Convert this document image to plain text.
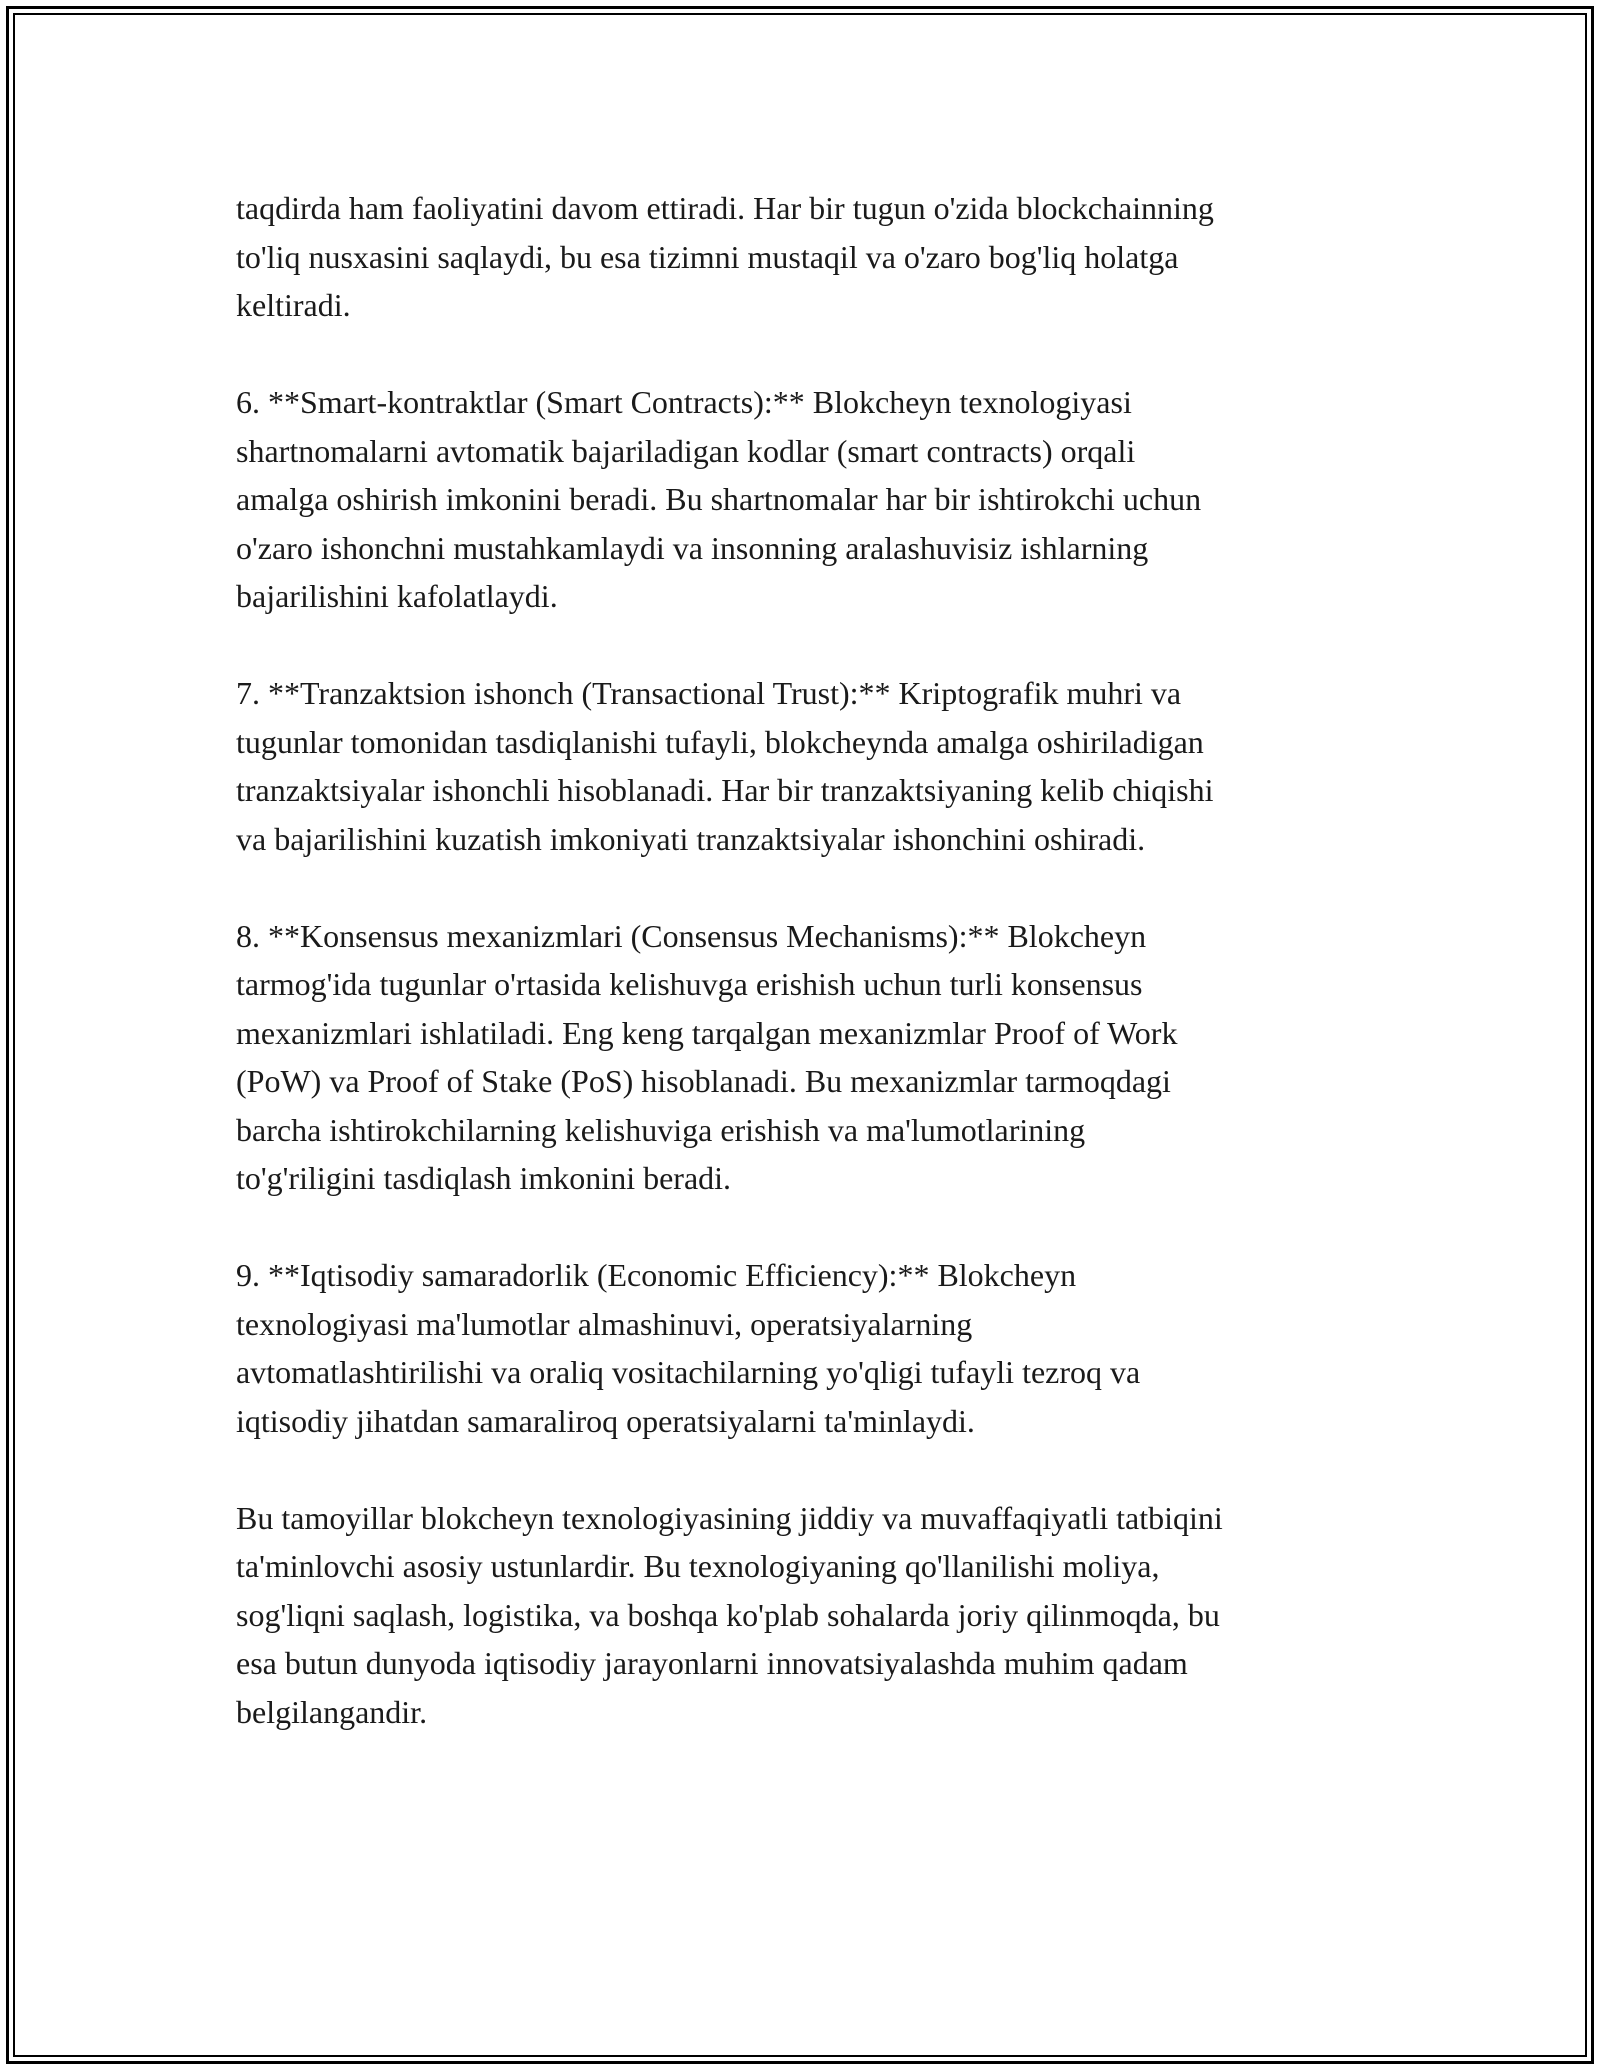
taqdirda ham faoliyatini davom ettiradi. Har bir tugun o'zida blockchainning
to'liq nusxasini saqlaydi, bu esa tizimni mustaqil va o'zaro bog'liq holatga
keltiradi.

6. **Smart-kontraktlar (Smart Contracts):** Blokcheyn texnologiyasi
shartnomalarni avtomatik bajariladigan kodlar (smart contracts) orqali
amalga oshirish imkonini beradi. Bu shartnomalar har bir ishtirokchi uchun
o'zaro ishonchni mustahkamlaydi va insonning aralashuvisiz ishlarning
bajarilishini kafolatlaydi.

7. **Tranzaktsion ishonch (Transactional Trust):** Kriptografik muhri va
tugunlar tomonidan tasdiqlanishi tufayli, blokcheynda amalga oshiriladigan
tranzaktsiyalar ishonchli hisoblanadi. Har bir tranzaktsiyaning kelib chiqishi
va bajarilishini kuzatish imkoniyati tranzaktsiyalar ishonchini oshiradi.

8. **Konsensus mexanizmlari (Consensus Mechanisms):** Blokcheyn
tarmog'ida tugunlar o'rtasida kelishuvga erishish uchun turli konsensus
mexanizmlari ishlatiladi. Eng keng tarqalgan mexanizmlar Proof of Work
(PoW) va Proof of Stake (PoS) hisoblanadi. Bu mexanizmlar tarmoqdagi
barcha ishtirokchilarning kelishuviga erishish va ma'lumotlarining
to'g'riligini tasdiqlash imkonini beradi.

9. **Iqtisodiy samaradorlik (Economic Efficiency):** Blokcheyn
texnologiyasi ma'lumotlar almashinuvi, operatsiyalarning
avtomatlashtirilishi va oraliq vositachilarning yo'qligi tufayli tezroq va
iqtisodiy jihatdan samaraliroq operatsiyalarni ta'minlaydi.

Bu tamoyillar blokcheyn texnologiyasining jiddiy va muvaffaqiyatli tatbiqini
ta'minlovchi asosiy ustunlardir. Bu texnologiyaning qo'llanilishi moliya,
sog'liqni saqlash, logistika, va boshqa ko'plab sohalarda joriy qilinmoqda, bu
esa butun dunyoda iqtisodiy jarayonlarni innovatsiyalashda muhim qadam
belgilangandir.
